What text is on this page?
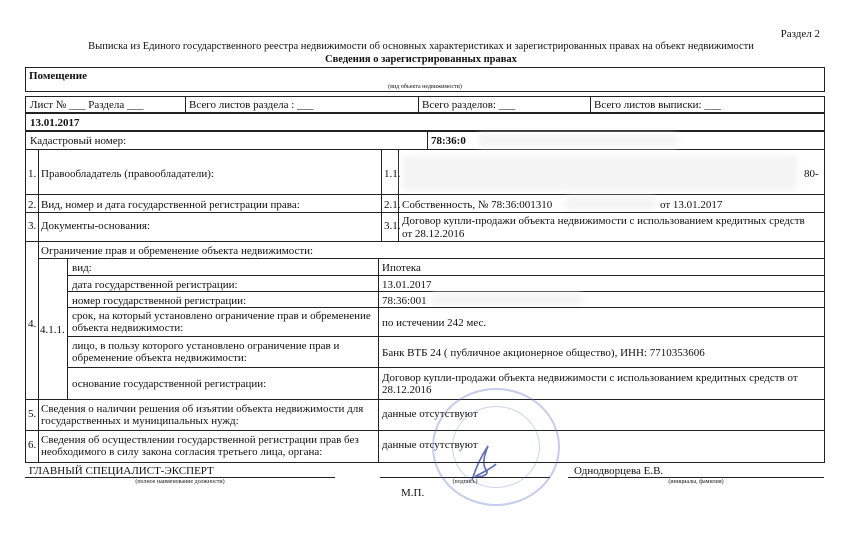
Раздел 2
Выписка из Единого государственного реестра недвижимости об основных характеристиках и зарегистрированных правах на объект недвижимости
Сведения о зарегистрированных правах
Помещение
(вид объекта недвижимости)
Лист № ___ Раздела ___	Всего листов раздела : ___	Всего разделов: ___	Всего листов выписки: ___
13.01.2017
Кадастровый номер:	78:36:0
1. Правообладатель (правообладатели):	1.1.	80-
2. Вид, номер и дата государственной регистрации права:	2.1. Собственность, № 78:36:001310	от 13.01.2017
3. Документы-основания:	3.1. Договор купли-продажи объекта недвижимости с использованием кредитных средств
от 28.12.2016
Ограничение прав и обременение объекта недвижимости:
4. 4.1.1.
вид:	Ипотека
дата государственной регистрации:	13.01.2017
номер государственной регистрации:	78:36:001
срок, на который установлено ограничение прав и обременение
объекта недвижимости:	по истечении 242 мес.
лицо, в пользу которого установлено ограничение прав и
обременение объекта недвижимости:	Банк ВТБ 24 ( публичное акционерное общество), ИНН: 7710353606
основание государственной регистрации:	Договор купли-продажи объекта недвижимости с использованием кредитных средств от
28.12.2016
5. Сведения о наличии решения об изъятии объекта недвижимости для
государственных и муниципальных нужд:
данные отсутствуют
6. Сведения об осуществлении государственной регистрации прав без
необходимого в силу закона согласия третьего лица, органа:
данные отсутствуют
ГЛАВНЫЙ СПЕЦИАЛИСТ-ЭКСПЕРТ
(полное наименование должности)	(подпись)
Однодворцева Е.В.
(инициалы, фамилия)
М.П.
